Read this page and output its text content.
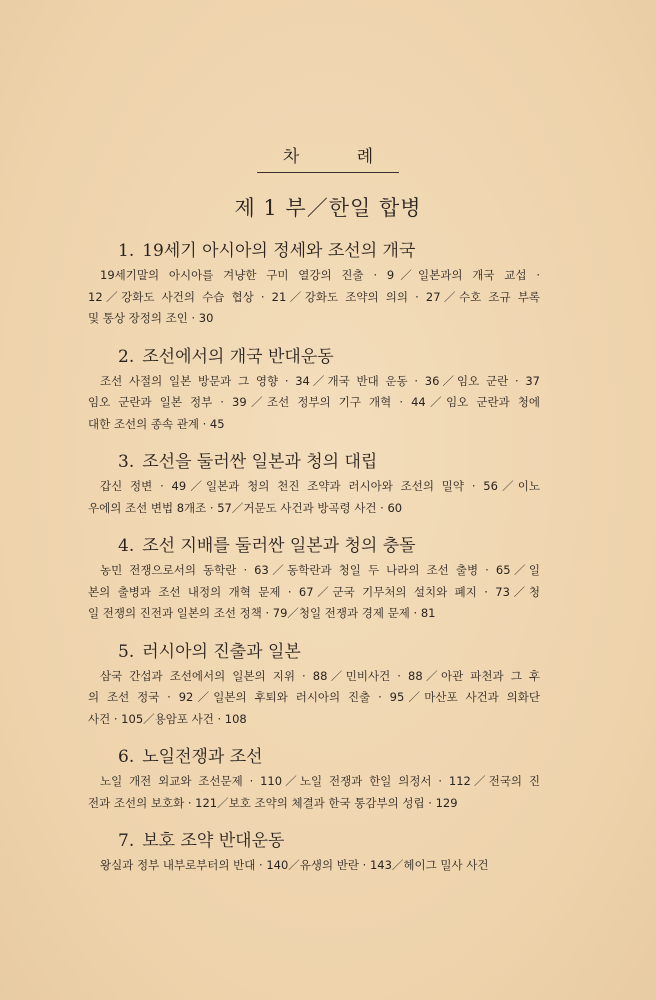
차 례
제 1 부／한일 합병
1. 19세기 아시아의 정세와 조선의 개국
19세기말의 아시아를 겨냥한 구미 열강의 진출 · 9／일본과의 개국 교섭 ·
12／강화도 사건의 수습 협상 · 21／강화도 조약의 의의 · 27／수호 조규 부록
및 통상 장정의 조인 · 30
2. 조선에서의 개국 반대운동
조선 사절의 일본 방문과 그 영향 · 34／개국 반대 운동 · 36／임오 군란 · 37
임오 군란과 일본 정부 · 39／조선 정부의 기구 개혁 · 44／임오 군란과 청에
대한 조선의 종속 관계 · 45
3. 조선을 둘러싼 일본과 청의 대립
갑신 정변 · 49／일본과 청의 천진 조약과 러시아와 조선의 밀약 · 56／이노
우에의 조선 변법 8개조 · 57／거문도 사건과 방곡령 사건 · 60
4. 조선 지배를 둘러싼 일본과 청의 충돌
농민 전쟁으로서의 동학란 · 63／동학란과 청일 두 나라의 조선 출병 · 65／일
본의 출병과 조선 내정의 개혁 문제 · 67／군국 기무처의 설치와 폐지 · 73／청
일 전쟁의 진전과 일본의 조선 정책 · 79／청일 전쟁과 경제 문제 · 81
5. 러시아의 진출과 일본
삼국 간섭과 조선에서의 일본의 지위 · 88／민비사건 · 88／아관 파천과 그 후
의 조선 정국 · 92／일본의 후퇴와 러시아의 진출 · 95／마산포 사건과 의화단
사건 · 105／용암포 사건 · 108
6. 노일전쟁과 조선
노일 개전 외교와 조선문제 · 110／노일 전쟁과 한일 의정서 · 112／전국의 진
전과 조선의 보호화 · 121／보호 조약의 체결과 한국 통감부의 성립 · 129
7. 보호 조약 반대운동
왕실과 정부 내부로부터의 반대 · 140／유생의 반란 · 143／헤이그 밀사 사건
